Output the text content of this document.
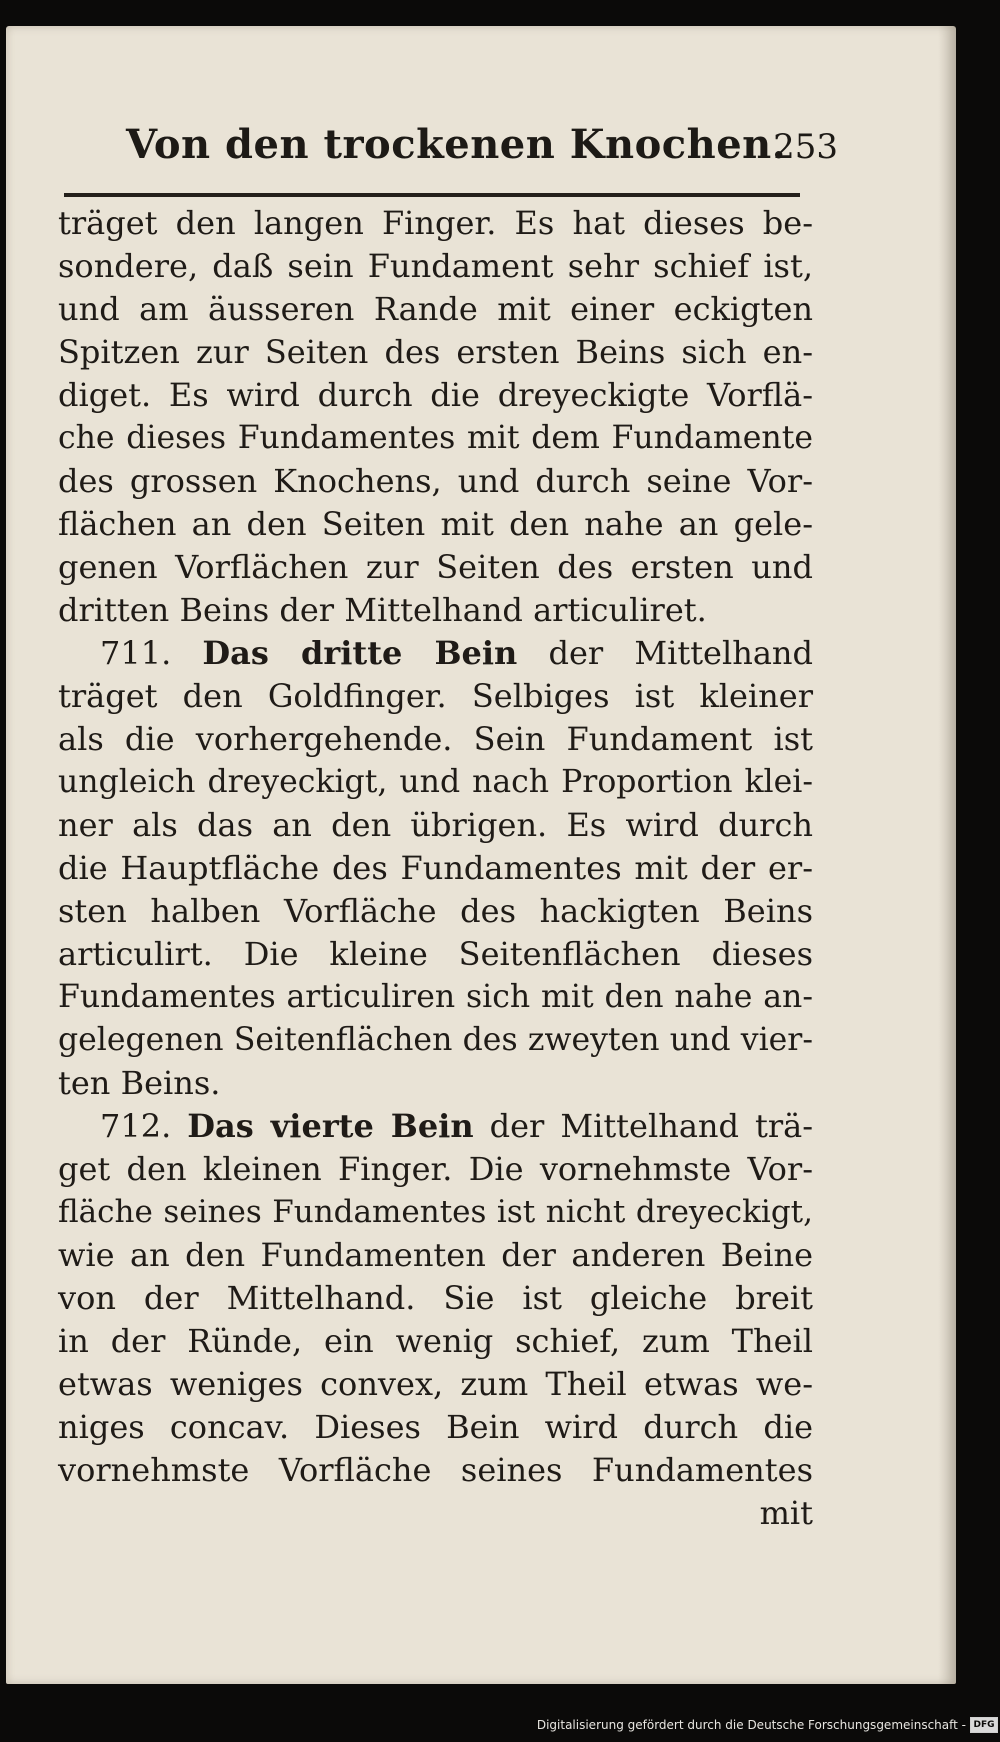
Von den trockenen Knochen.
253
träget den langen Finger. Es hat dieses be-
sondere, daß sein Fundament sehr schief ist,
und am äusseren Rande mit einer eckigten
Spitzen zur Seiten des ersten Beins sich en-
diget. Es wird durch die dreyeckigte Vorflä-
che dieses Fundamentes mit dem Fundamente
des grossen Knochens, und durch seine Vor-
flächen an den Seiten mit den nahe an gele-
genen Vorflächen zur Seiten des ersten und
dritten Beins der Mittelhand articuliret.
711. Das dritte Bein der Mittelhand
träget den Goldfinger. Selbiges ist kleiner
als die vorhergehende. Sein Fundament ist
ungleich dreyeckigt, und nach Proportion klei-
ner als das an den übrigen. Es wird durch
die Hauptfläche des Fundamentes mit der er-
sten halben Vorfläche des hackigten Beins
articulirt. Die kleine Seitenflächen dieses
Fundamentes articuliren sich mit den nahe an-
gelegenen Seitenflächen des zweyten und vier-
ten Beins.
712. Das vierte Bein der Mittelhand trä-
get den kleinen Finger. Die vornehmste Vor-
fläche seines Fundamentes ist nicht dreyeckigt,
wie an den Fundamenten der anderen Beine
von der Mittelhand. Sie ist gleiche breit
in der Ründe, ein wenig schief, zum Theil
etwas weniges convex, zum Theil etwas we-
niges concav. Dieses Bein wird durch die
vornehmste Vorfläche seines Fundamentes
mit
Digitalisierung gefördert durch die Deutsche Forschungsgemeinschaft - DFG
